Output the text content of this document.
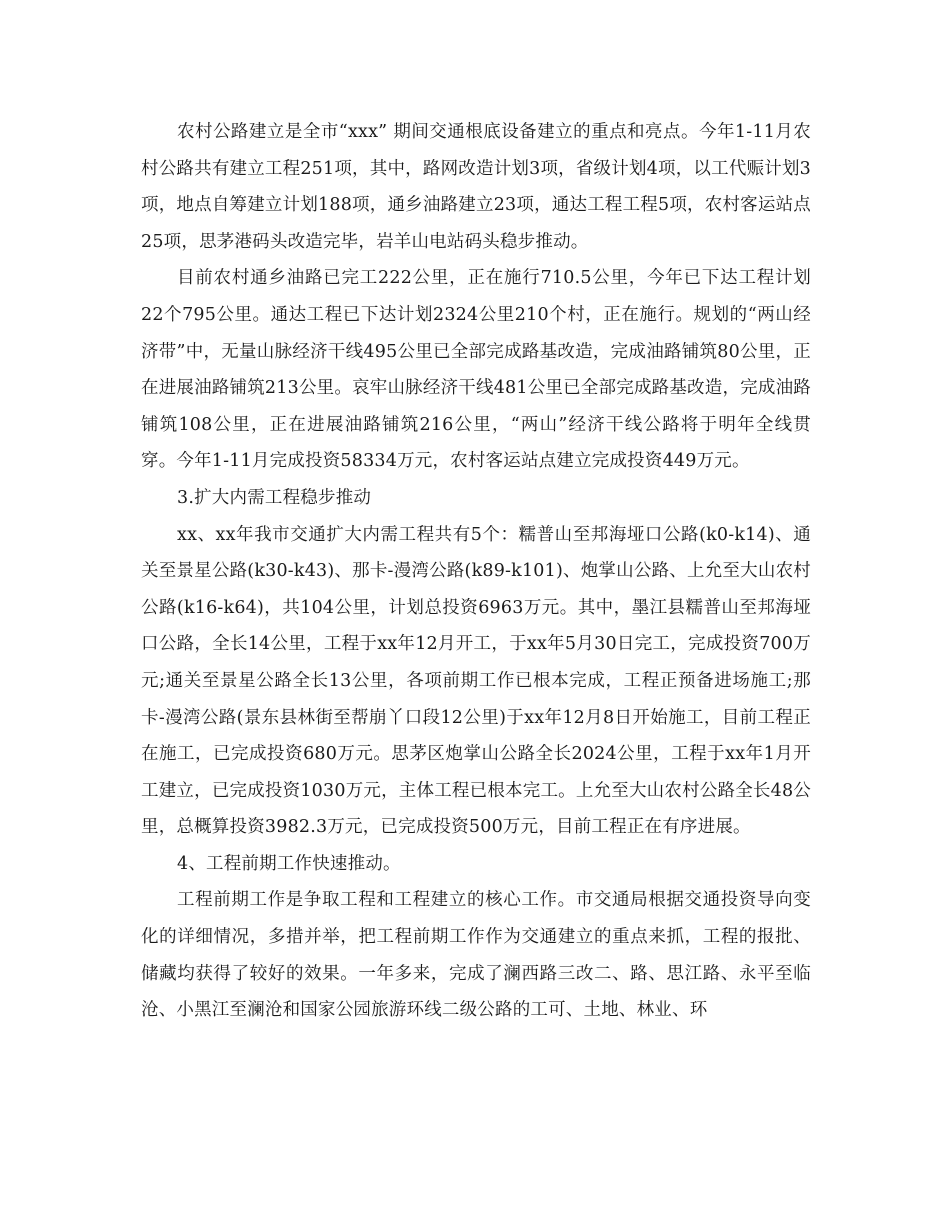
农村公路建立是全市“xxx” 期间交通根底设备建立的重点和亮点。今年1-11月农村公路共有建立工程251项，其中，路网改造计划3项，省级计划4项，以工代赈计划3项，地点自筹建立计划188项，通乡油路建立23项，通达工程工程5项，农村客运站点25项，思茅港码头改造完毕，岩羊山电站码头稳步推动。

目前农村通乡油路已完工222公里，正在施行710.5公里，今年已下达工程计划22个795公里。通达工程已下达计划2324公里210个村，正在施行。规划的“两山经济带”中，无量山脉经济干线495公里已全部完成路基改造，完成油路铺筑80公里，正在进展油路铺筑213公里。哀牢山脉经济干线481公里已全部完成路基改造，完成油路铺筑108公里，正在进展油路铺筑216公里，“两山”经济干线公路将于明年全线贯穿。今年1-11月完成投资58334万元，农村客运站点建立完成投资449万元。

3.扩大内需工程稳步推动

xx、xx年我市交通扩大内需工程共有5个：糯普山至邦海垭口公路(k0-k14)、通关至景星公路(k30-k43)、那卡-漫湾公路(k89-k101)、炮掌山公路、上允至大山农村公路(k16-k64)，共104公里，计划总投资6963万元。其中，墨江县糯普山至邦海垭口公路，全长14公里，工程于xx年12月开工，于xx年5月30日完工，完成投资700万元;通关至景星公路全长13公里，各项前期工作已根本完成，工程正预备进场施工;那卡-漫湾公路(景东县林街至帮崩丫口段12公里)于xx年12月8日开始施工，目前工程正在施工，已完成投资680万元。思茅区炮掌山公路全长2024公里，工程于xx年1月开工建立，已完成投资1030万元，主体工程已根本完工。上允至大山农村公路全长48公里，总概算投资3982.3万元，已完成投资500万元，目前工程正在有序进展。

4、工程前期工作快速推动。

工程前期工作是争取工程和工程建立的核心工作。市交通局根据交通投资导向变化的详细情况，多措并举，把工程前期工作作为交通建立的重点来抓，工程的报批、储藏均获得了较好的效果。一年多来，完成了澜西路三改二、路、思江路、永平至临沧、小黑江至澜沧和国家公园旅游环线二级公路的工可、土地、林业、环
